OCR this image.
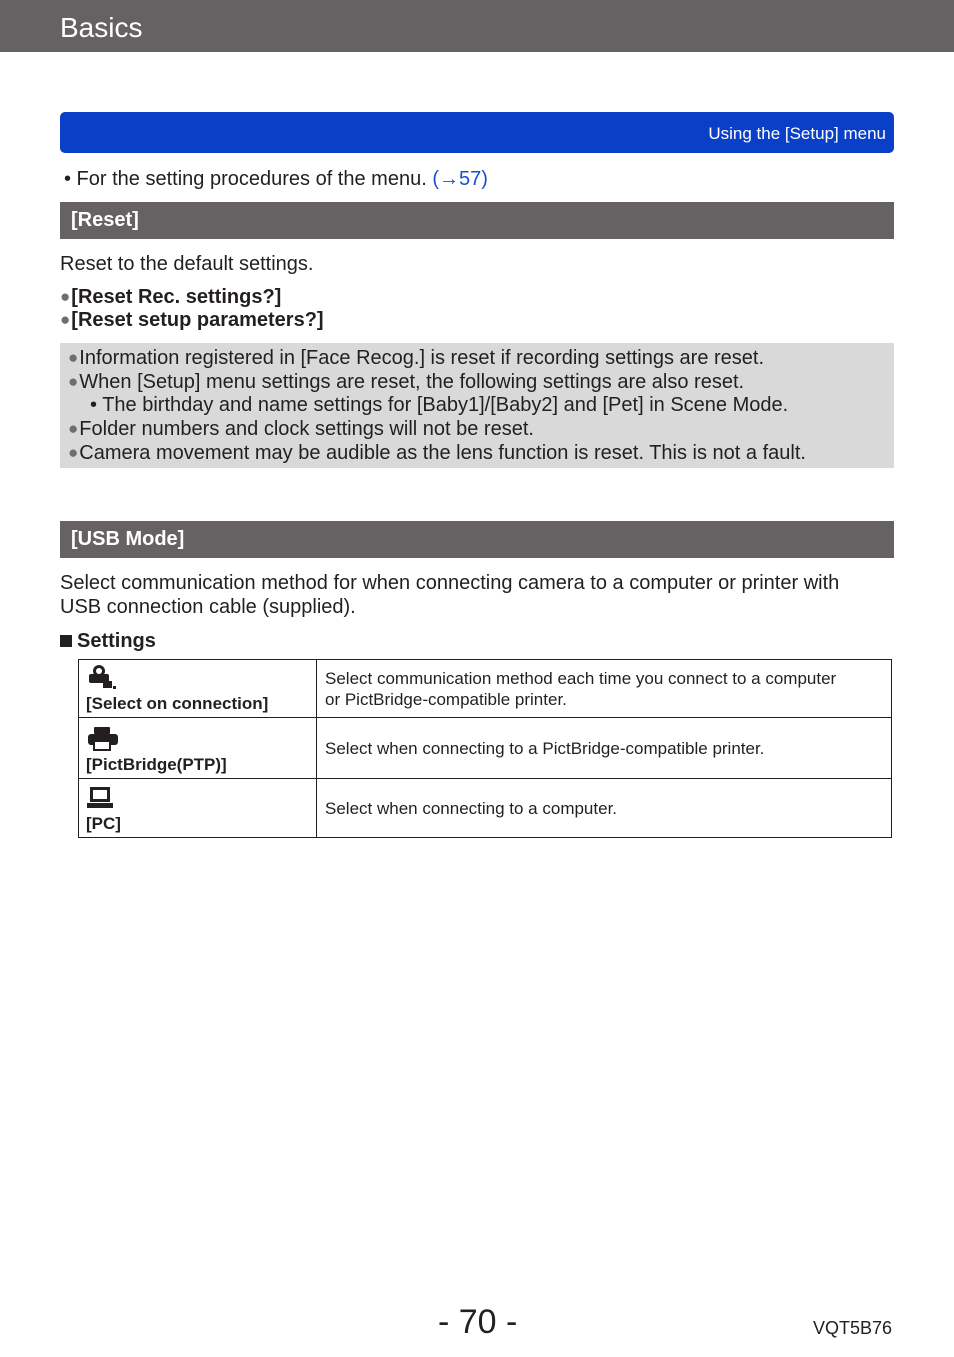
Basics
Using the [Setup] menu
• For the setting procedures of the menu. (→57)
[Reset]
Reset to the default settings.
●[Reset Rec. settings?]
●[Reset setup parameters?]
●Information registered in [Face Recog.] is reset if recording settings are reset.
●When [Setup] menu settings are reset, the following settings are also reset.
• The birthday and name settings for [Baby1]/[Baby2] and [Pet] in Scene Mode.
●Folder numbers and clock settings will not be reset.
●Camera movement may be audible as the lens function is reset. This is not a fault.
[USB Mode]
Select communication method for when connecting camera to a computer or printer with
USB connection cable (supplied).
Settings
[Select on connection]	Select communication method each time you connect to a computer
or PictBridge-compatible printer.

[PictBridge(PTP)]	Select when connecting to a PictBridge-compatible printer.

[PC]	Select when connecting to a computer.
- 70 -	VQT5B76
